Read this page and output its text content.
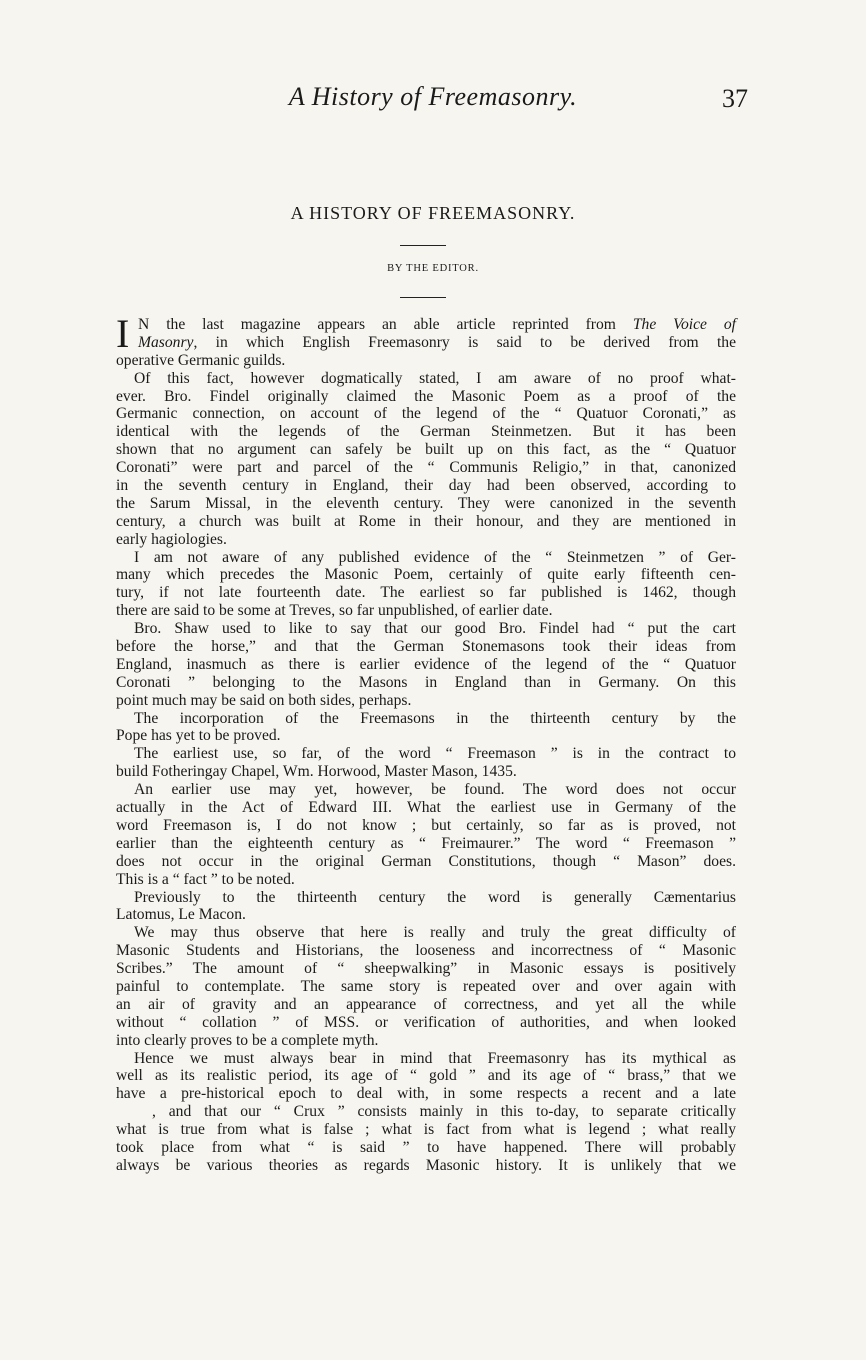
A History of Freemasonry.	37
A HISTORY OF FREEMASONRY.
BY THE EDITOR.
I N the last magazine appears an able article reprinted from The Voice of
Masonry, in which English Freemasonry is said to be derived from the
operative Germanic guilds.
Of this fact, however dogmatically stated, I am aware of no proof what-
ever. Bro. Findel originally claimed the Masonic Poem as a proof of the
Germanic connection, on account of the legend of the “ Quatuor Coronati,” as
identical with the legends of the German Steinmetzen. But it has been
shown that no argument can safely be built up on this fact, as the “ Quatuor
Coronati” were part and parcel of the “ Communis Religio,” in that, canonized
in the seventh century in England, their day had been observed, according to
the Sarum Missal, in the eleventh century. They were canonized in the seventh
century, a church was built at Rome in their honour, and they are mentioned in
early hagiologies.
I am not aware of any published evidence of the “ Steinmetzen ” of Ger-
many which precedes the Masonic Poem, certainly of quite early fifteenth cen-
tury, if not late fourteenth date. The earliest so far published is 1462, though
there are said to be some at Treves, so far unpublished, of earlier date.
Bro. Shaw used to like to say that our good Bro. Findel had “ put the cart
before the horse,” and that the German Stonemasons took their ideas from
England, inasmuch as there is earlier evidence of the legend of the “ Quatuor
Coronati ” belonging to the Masons in England than in Germany. On this
point much may be said on both sides, perhaps.
The incorporation of the Freemasons in the thirteenth century by the
Pope has yet to be proved.
The earliest use, so far, of the word “ Freemason ” is in the contract to
build Fotheringay Chapel, Wm. Horwood, Master Mason, 1435.
An earlier use may yet, however, be found. The word does not occur
actually in the Act of Edward III. What the earliest use in Germany of the
word Freemason is, I do not know ; but certainly, so far as is proved, not
earlier than the eighteenth century as “ Freimaurer.” The word “ Freemason ”
does not occur in the original German Constitutions, though “ Mason” does.
This is a “ fact ” to be noted.
Previously to the thirteenth century the word is generally Cæmentarius
Latomus, Le Macon.
We may thus observe that here is really and truly the great difficulty of
Masonic Students and Historians, the looseness and incorrectness of “ Masonic
Scribes.” The amount of “ sheepwalking” in Masonic essays is positively
painful to contemplate. The same story is repeated over and over again with
an air of gravity and an appearance of correctness, and yet all the while
without “ collation ” of MSS. or verification of authorities, and when looked
into clearly proves to be a complete myth.
Hence we must always bear in mind that Freemasonry has its mythical as
well as its realistic period, its age of “ gold ” and its age of “ brass,” that we
have a pre-historical epoch to deal with, in some respects a recent and a late
, and that our “ Crux ” consists mainly in this to-day, to separate critically
what is true from what is false ; what is fact from what is legend ; what really
took place from what “ is said ” to have happened. There will probably
always be various theories as regards Masonic history. It is unlikely that we
